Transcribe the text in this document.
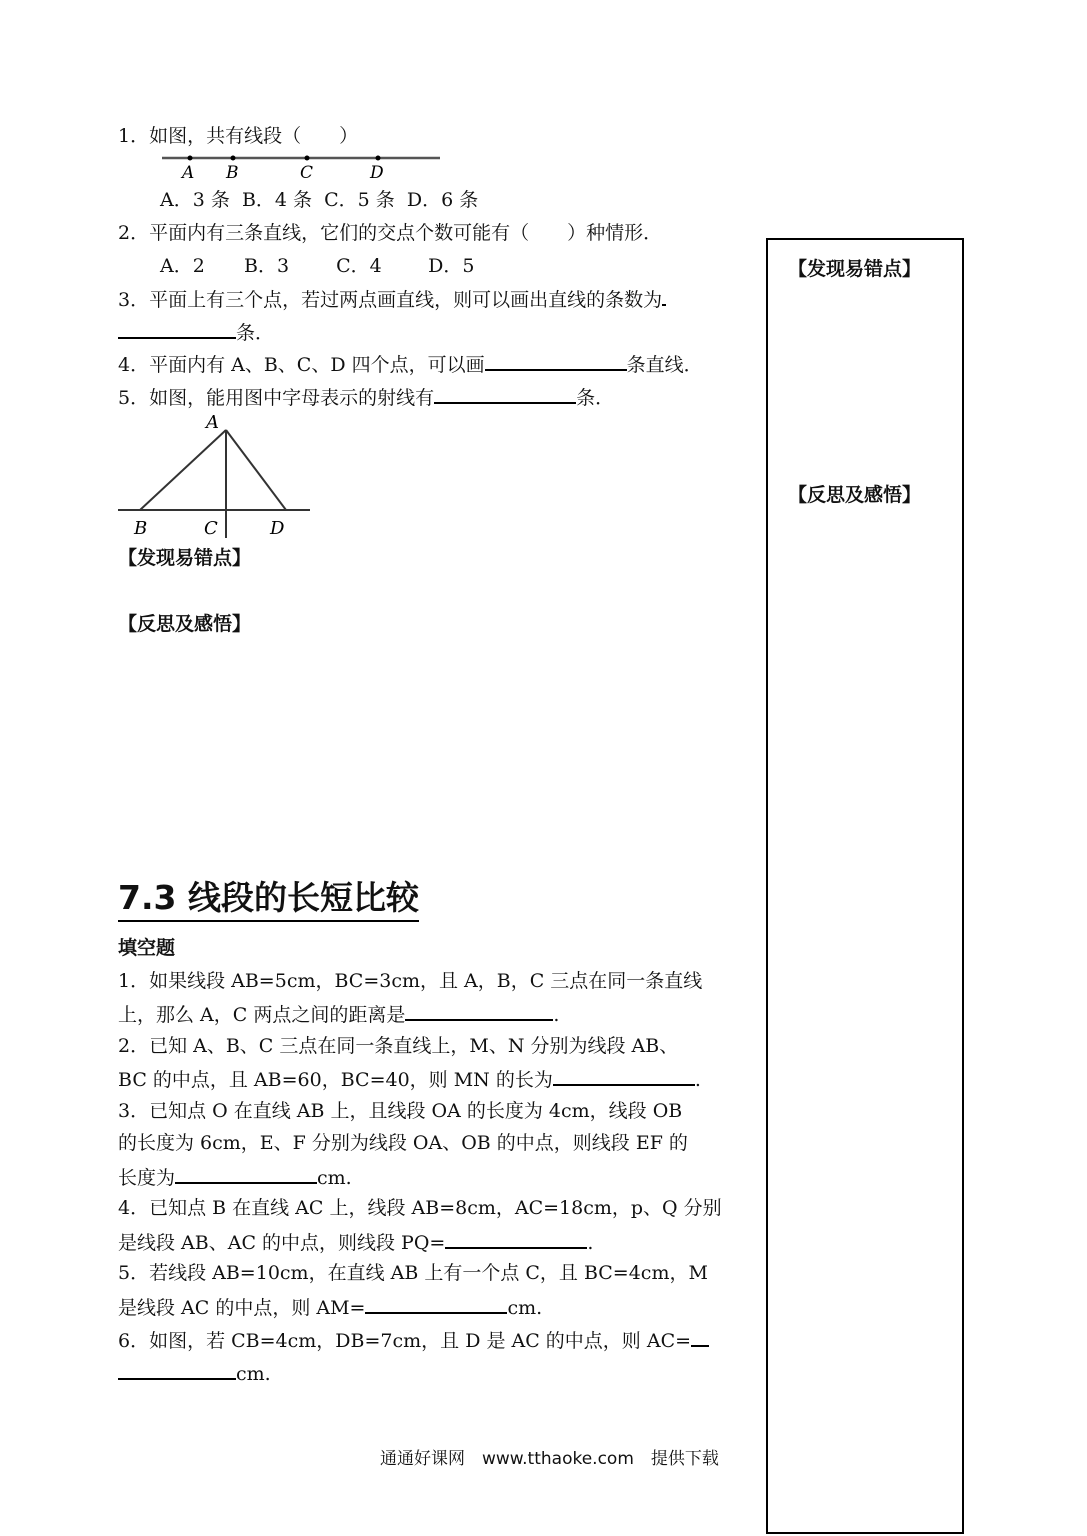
1．如图，共有线段（　　）
A B	C	D
A．3 条 B．4 条 C．5 条 D．6 条
2．平面内有三条直线，它们的交点个数可能有（　　）种情形．
A．2 B．3 C．4 D．5
3．平面上有三个点，若过两点画直线，则可以画出直线的条数为
条．
4．平面内有 A、B、C、D 四个点，可以画	条直线．
5．如图，能用图中字母表示的射线有	条．
A
B	C	D
【发现易错点】
【反思及感悟】
7.3 线段的长短比较
填空题
1．如果线段 AB=5cm，BC=3cm，且 A，B，C 三点在同一条直线
上，那么 A，C 两点之间的距离是	.
2．已知 A、B、C 三点在同一条直线上，M、N 分别为线段 AB、
BC 的中点，且 AB=60，BC=40，则 MN 的长为	.
3．已知点 O 在直线 AB 上，且线段 OA 的长度为 4cm，线段 OB
的长度为 6cm，E、F 分别为线段 OA、OB 的中点，则线段 EF 的
长度为	cm.
4．已知点 B 在直线 AC 上，线段 AB=8cm，AC=18cm，p、Q 分别
是线段 AB、AC 的中点，则线段 PQ=	.
5．若线段 AB=10cm，在直线 AB 上有一个点 C，且 BC=4cm，M
是线段 AC 的中点，则 AM=	cm.
6．如图，若 CB=4cm，DB=7cm，且 D 是 AC 的中点，则 AC=
cm.
【发现易错点】
【反思及感悟】
通通好课网　www.tthaoke.com　提供下载
